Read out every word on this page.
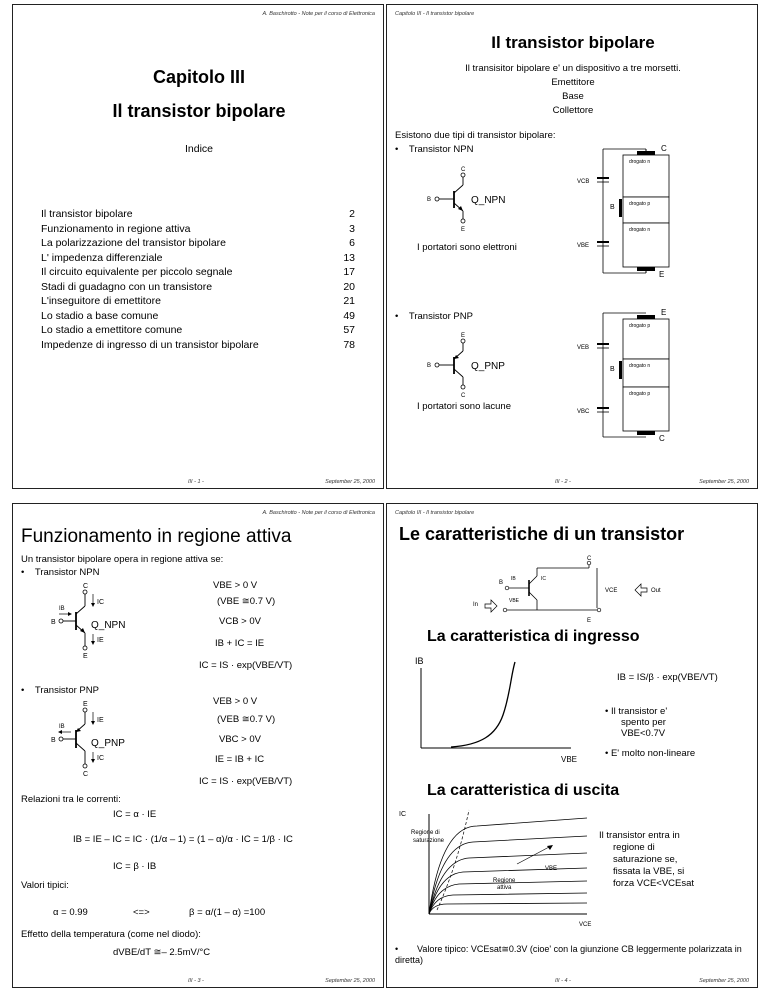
A. Baschirotto - Note per il corso di Elettronica
Capitolo III
Il transistor bipolare
Indice
Il transistor bipolare	2
Funzionamento in regione attiva	3
La polarizzazione del transistor bipolare	6
L' impedenza differenziale	13
Il circuito equivalente per piccolo segnale	17
Stadi di guadagno con un transistore	20
L'inseguitore di emettitore	21
Lo stadio a base comune	49
Lo stadio a emettitore comune	57
Impedenze di ingresso di un transistor bipolare	78
III - 1 -	September 25, 2000
Capitolo III - Il transistor bipolare
Il transistor bipolare
Il transisitor bipolare e' un dispositivo a tre morsetti.
Emettitore
Base
Collettore
Esistono due tipi di transistor bipolare:
•    Transistor NPN
I portatori sono elettroni
•    Transistor PNP
I portatori sono lacune
C
E
B	Q_NPN
C
drogato n
drogato p
drogato n
B
E
VCB
VBE
E
C
B	Q_PNP
E
drogato p
drogato n
drogato p
B
C
VEB
VBC
III - 2 -	September 25, 2000
A. Baschirotto - Note per il corso di Elettronica
Funzionamento in regione attiva
Un transistor bipolare opera in regione attiva se:
•    Transistor NPN
VBE > 0 V
(VBE ≅0.7 V)
VCB > 0V
IB + IC = IE
IC = IS · exp(VBE/VT)
C
E
B
IB
IC
IE
Q_NPN
•    Transistor PNP
VEB > 0 V
(VEB ≅0.7 V)
VBC > 0V
IE = IB + IC
IC = IS · exp(VEB/VT)
E
C
B
IB
IE
IC
Q_PNP
Relazioni tra le correnti:
IC = α · IE
IB = IE – IC = IC · (1/α – 1) = (1 – α)/α · IC = 1/β · IC
IC = β · IB
Valori tipici:
α = 0.99	<=>	β = α/(1 – α) =100
Effetto della temperatura (come nel diodo):
dVBE/dT ≅– 2.5mV/°C
III - 3 -	September 25, 2000
Capitolo III - Il transistor bipolare
Le caratteristiche di un transistor
C
B
IB	IC
In
VBE
VCE	Out
E
La caratteristica di ingresso
IB
VBE
IB = IS/β · exp(VBE/VT)
• Il transistor e'
spento per
VBE<0.7V
• E' molto non-lineare
La caratteristica di uscita
IC
VBE
Regione di
saturazione
Regione
attiva
VCE
Il transistor entra in
regione di
saturazione se,
fissata la VBE, si
forza VCE<VCEsat
•	Valore tipico: VCEsat≅0.3V (cioe' con la giunzione CB leggermente polarizzata in diretta)
III - 4 -	September 25, 2000
